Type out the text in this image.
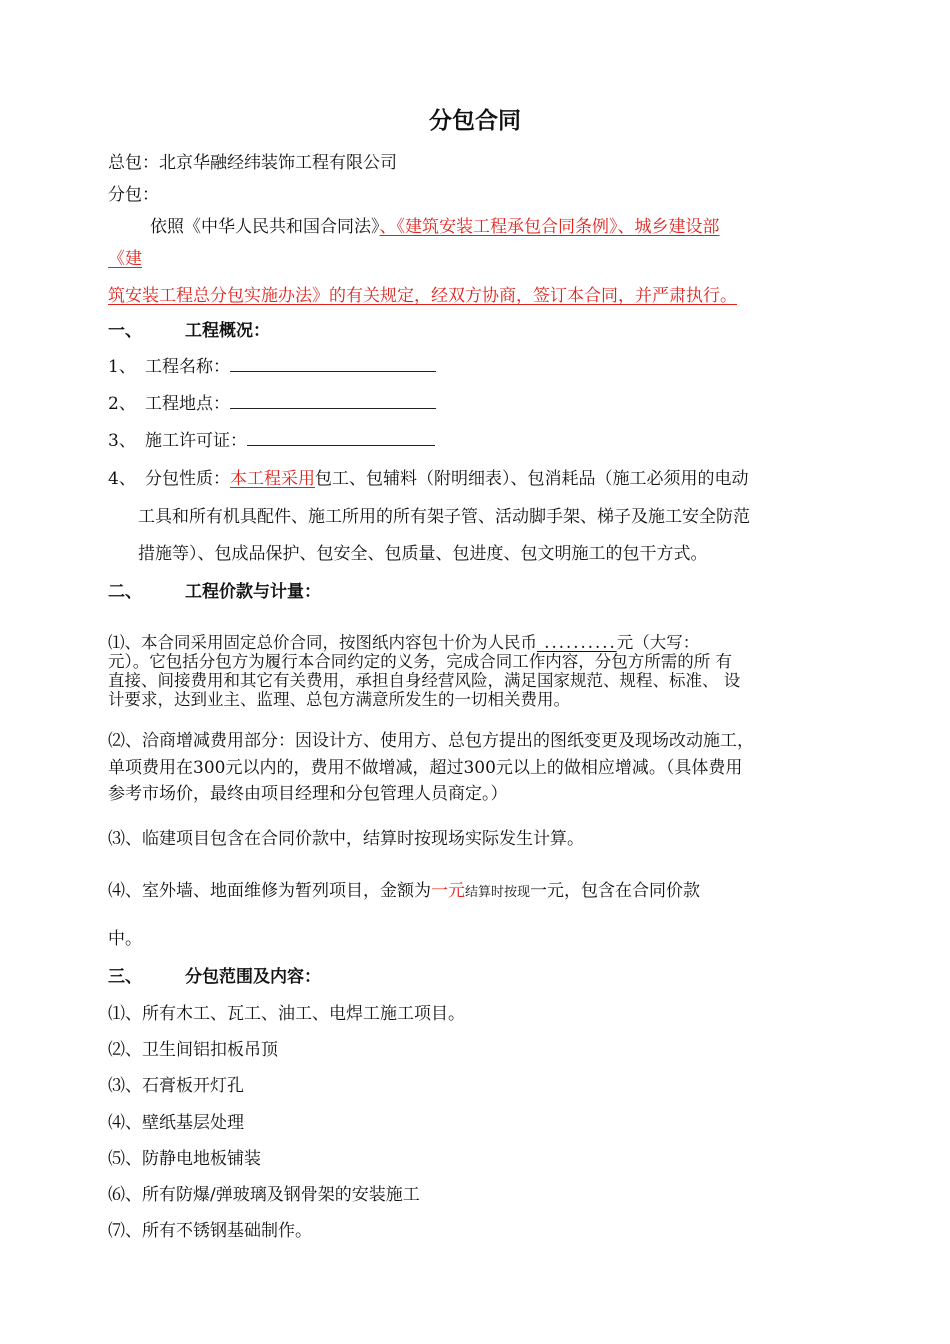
分包合同
总包：北京华融经纬装饰工程有限公司
分包：
依照《中华人民共和国合同法》、《建筑安装工程承包合同条例》、城乡建设部
《建
筑安装工程总分包实施办法》的有关规定，经双方协商，签订本合同，并严肃执行。
一、	工程概况：
1、 工程名称：
2、 工程地点：
3、 施工许可证：
4、 分包性质：本工程采用包工、包辅料（附明细表）、包消耗品（施工必须用的电动
工具和所有机具配件、施工所用的所有架子管、活动脚手架、梯子及施工安全防范
措施等）、包成品保护、包安全、包质量、包进度、包文明施工的包干方式。
二、	工程价款与计量：
⑴、本合同采用固定总价合同，按图纸内容包十价为人民币 ..........元（大写：
元）。它包括分包方为履行本合同约定的义务，完成合同工作内容，分包方所需的所 有
直接、间接费用和其它有关费用，承担自身经营风险，满足国家规范、规程、标准、 设
计要求，达到业主、监理、总包方满意所发生的一切相关费用。
⑵、洽商增减费用部分：因设计方、使用方、总包方提出的图纸变更及现场改动施工，
单项费用在300元以内的，费用不做增减，超过300元以上的做相应增减。（具体费用
参考市场价，最终由项目经理和分包管理人员商定。）
⑶、临建项目包含在合同价款中，结算时按现场实际发生计算。
⑷、室外墙、地面维修为暂列项目，金额为一元结算时按现一元，包含在合同价款
中。
三、	分包范围及内容：
⑴、所有木工、瓦工、油工、电焊工施工项目。
⑵、卫生间铝扣板吊顶
⑶、石膏板开灯孔
⑷、壁纸基层处理
⑸、防静电地板铺装
⑹、所有防爆/弹玻璃及钢骨架的安装施工
⑺、所有不锈钢基础制作。
